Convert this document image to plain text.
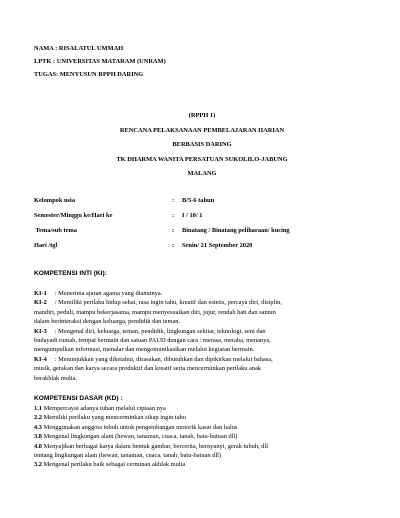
NAMA : RISALATUL UMMAH
LPTK : UNIVERSITAS MATARAM (UNRAM)
TUGAS: MENYUSUN RPPH DARING
(RPPH 1)
RENCANA PELAKSANAAN PEMBELAJARAN HARIAN
BERBASIS DARING
TK DHARMA WANITA PERSATUAN SUKOLILO-JABUNG
MALANG
Kelompok usia	: B/5-6 tahun
Semester/Minggu ke/Hari ke	: I / 10/ 1
Tema/sub tema	: Binatang / Binatang peliharaan/ kucing
Hari /tgl	: Senin/ 21 September 2020
KOMPETENSI INTI (KI):
KI-1     : Menerima ajaran agama yang dianutnya.
KI-2     : Memiliki perilaku hidup sehat, rasa ingin tahu, kreatif dan estetis, percaya diri, disiplin,
mandiri, peduli, mampu bekerjasama, mampu menyesuaikan diri, jujur, rendah hati dan santun
dalam berinteraksi dengan keluarga, pendidik dan teman.
KI-3     : Mengenal diri, keluarga, teman, pendidik, lingkungan sekitar, teknologi, seni dan
budayadi rumah, tempat bermain dan satuan PAUD dengan cara : merasa, meraba, menanya,
mengumpulkan informasi, menalar dan mengomunikasikan melalui kegiatan bermain.
KI-4     : Menunjukkan yang diketahui, dirasakan, dibutuhkan dan dipikirkan melalui bahasa,
musik, gerakan dan karya secara produktif dan kreatif serta mencerminkan perilaku anak
berakhlak mulia.
KOMPETENSI DASAR (KD) :
1.1 Mempercayai adanya tuhan melalui ciptaan nya
2.2 Memiliki perilaku yang mencerminkan sikap ingin tahu
4.3 Menggunakan anggota tubuh untuk pengembangan motorik kasar dan halus
3.8 Mengenal lingkungan alam (hewan, tanaman, cuaca, tanah, batu-batuan dll)
4.8 Menyajikan berbagai karya dalam bentuk gambar, bercerita, bernyanyi, gerak tubuh, dll
tentang lingkungan alam (hewan, tanaman, cuaca, tanah, batu-batuan dll)
3.2 Mengenal perilaku baik sebagai cerminan akhlak mulia
